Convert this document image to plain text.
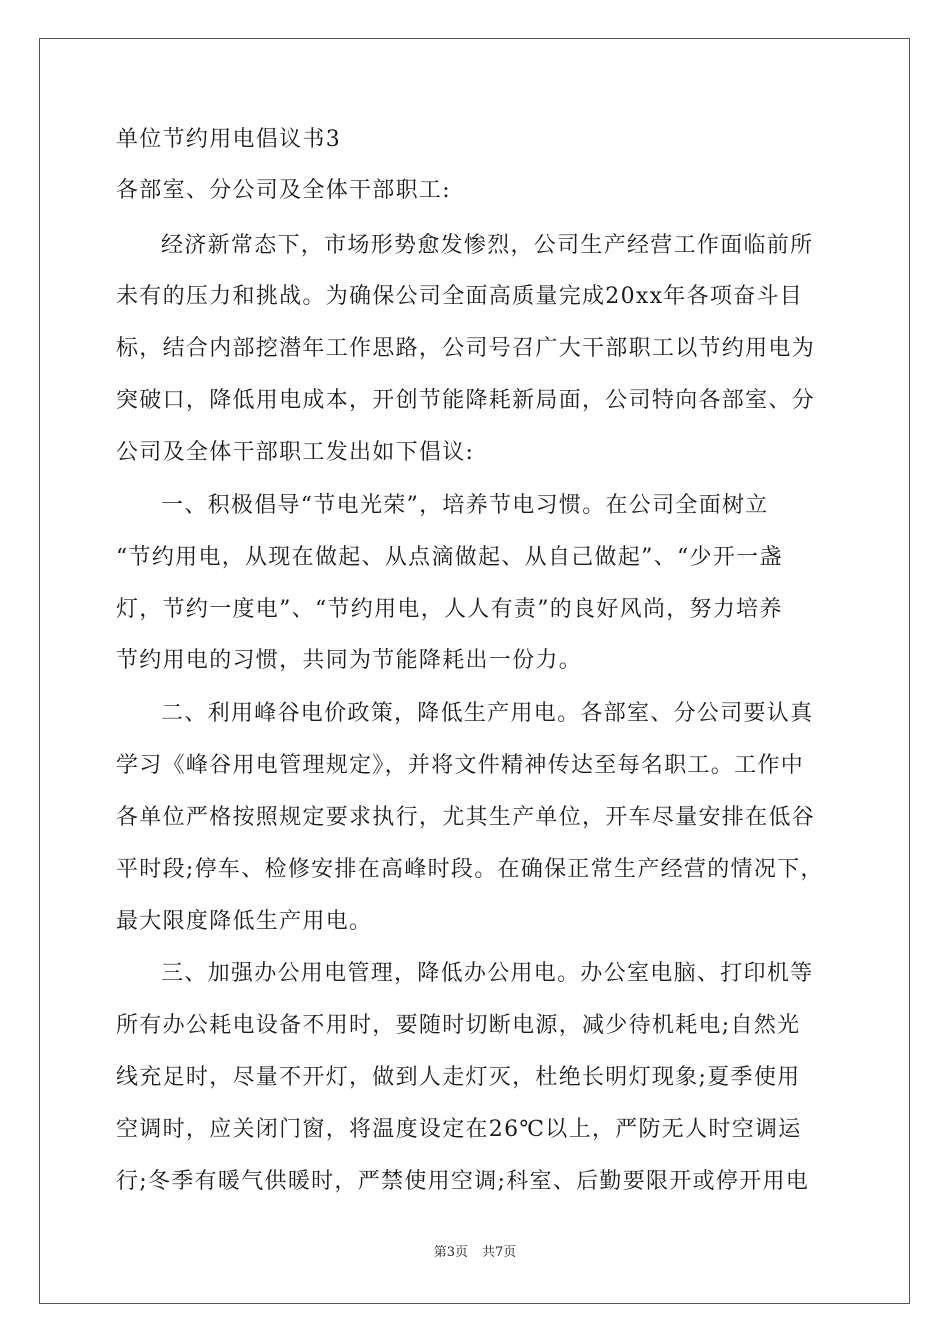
单位节约用电倡议书3

各部室、分公司及全体干部职工:

经济新常态下，市场形势愈发惨烈，公司生产经营工作面临前所

未有的压力和挑战。为确保公司全面高质量完成20xx年各项奋斗目

标，结合内部挖潜年工作思路，公司号召广大干部职工以节约用电为

突破口，降低用电成本，开创节能降耗新局面，公司特向各部室、分

公司及全体干部职工发出如下倡议:

一、积极倡导“节电光荣”，培养节电习惯。在公司全面树立

“节约用电，从现在做起、从点滴做起、从自己做起”、“少开一盏

灯，节约一度电”、“节约用电，人人有责”的良好风尚，努力培养

节约用电的习惯，共同为节能降耗出一份力。

二、利用峰谷电价政策，降低生产用电。各部室、分公司要认真

学习《峰谷用电管理规定》，并将文件精神传达至每名职工。工作中

各单位严格按照规定要求执行，尤其生产单位，开车尽量安排在低谷

平时段;停车、检修安排在高峰时段。在确保正常生产经营的情况下，

最大限度降低生产用电。

三、加强办公用电管理，降低办公用电。办公室电脑、打印机等

所有办公耗电设备不用时，要随时切断电源，减少待机耗电;自然光

线充足时，尽量不开灯，做到人走灯灭，杜绝长明灯现象;夏季使用

空调时，应关闭门窗，将温度设定在26℃以上，严防无人时空调运

行;冬季有暖气供暖时，严禁使用空调;科室、后勤要限开或停开用电

第3页 共7页
